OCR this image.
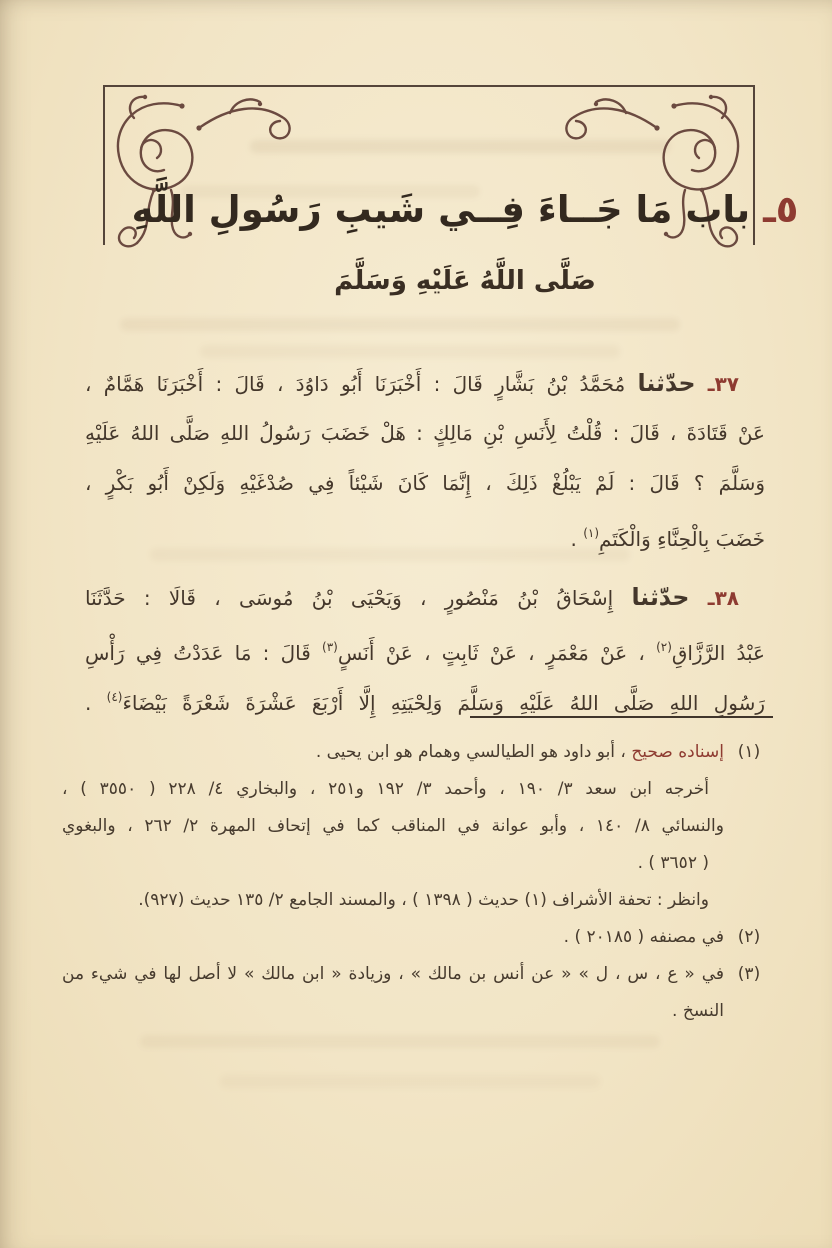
٥ـ باب مَا جَــاءَ فِــي شَيبِ رَسُولِ اللَّهِ
صَلَّى اللَّهُ عَلَيْهِ وَسَلَّمَ
٣٧ـ حدّثنا مُحَمَّدُ بْنُ بَشَّارٍ قَالَ : أَخْبَرَنَا أَبُو دَاوُدَ ، قَالَ : أَخْبَرَنَا هَمَّامٌ ،
عَنْ قَتَادَةَ ، قَالَ : قُلْتُ لِأَنَسِ بْنِ مَالِكٍ : هَلْ خَضَبَ رَسُولُ اللهِ صَلَّى اللهُ عَلَيْهِ
وَسَلَّمَ ؟ قَالَ : لَمْ يَبْلُغْ ذَلِكَ ، إِنَّمَا كَانَ شَيْئاً فِي صُدْغَيْهِ وَلَكِنْ أَبُو بَكْرٍ ،
خَضَبَ بِالْحِنَّاءِ وَالْكَتَمِ$^{(١)}$ .
٣٨ـ حدّثنا إِسْحَاقُ بْنُ مَنْصُورٍ ، وَيَحْيَى بْنُ مُوسَى ، قَالَا : حَدَّثَنَا
عَبْدُ الرَّزَّاقِ$^{(٢)}$ ، عَنْ مَعْمَرٍ ، عَنْ ثَابِتٍ ، عَنْ أَنَسٍ$^{(٣)}$ قَالَ : مَا عَدَدْتُ فِي رَأْسِ
رَسُولِ اللهِ صَلَّى اللهُ عَلَيْهِ وَسَلَّمَ وَلِحْيَتِهِ إِلَّا أَرْبَعَ عَشْرَةَ شَعْرَةً بَيْضَاءَ$^{(٤)}$ .
(١)
إسناده صحيح ، أبو داود هو الطيالسي وهمام هو ابن يحيى .
أخرجه ابن سعد ٣/ ١٩٠ ، وأحمد ٣/ ١٩٢ و٢٥١ ، والبخاري ٤/ ٢٢٨ ( ٣٥٥٠ ) ،
والنسائي ٨/ ١٤٠ ، وأبو عوانة في المناقب كما في إتحاف المهرة ٢/ ٢٦٢ ، والبغوي
( ٣٦٥٢ ) .
وانظر : تحفة الأشراف (١) حديث ( ١٣٩٨ ) ، والمسند الجامع ٢/ ١٣٥ حديث (٩٢٧).
(٢)
في مصنفه ( ٢٠١٨٥ ) .
(٣)
في « ع ، س ، ل » « عن أنس بن مالك » ، وزيادة « ابن مالك » لا أصل لها في شيء من
النسخ .
